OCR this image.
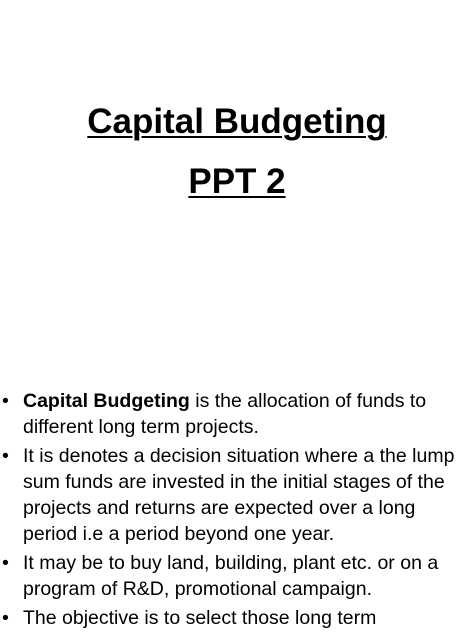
Capital Budgeting
PPT 2
• Capital Budgeting is the allocation of funds to different long term projects.
• It is denotes a decision situation where a the lump sum funds are invested in the initial stages of the projects and returns are expected over a long period i.e a period beyond one year.
• It may be to buy land, building, plant etc. or on a program of R&D, promotional campaign.
• The objective is to select those long term
